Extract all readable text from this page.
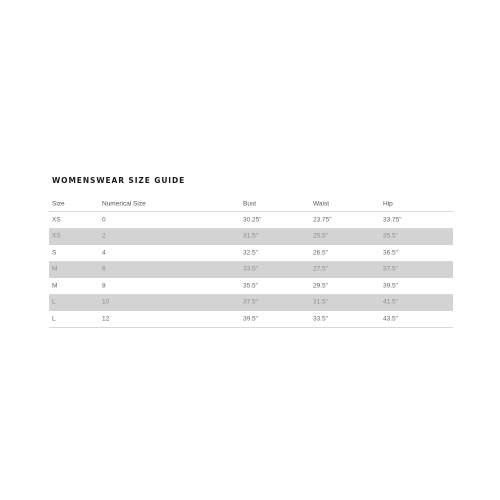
WOMENSWEAR SIZE GUIDE
Size	Numerical Size	Bust	Waist	Hip
XS	0	30.25"	23.75"	33.75"
XS	2	31.5"	25.5"	35.5"
S	4	32.5"	26.5"	36.5"
M	6	33.5"	27.5"	37.5"
M	8	35.5"	29.5"	39.5"
L	10	37.5"	31.5"	41.5"
L	12	39.5"	33.5"	43.5"
